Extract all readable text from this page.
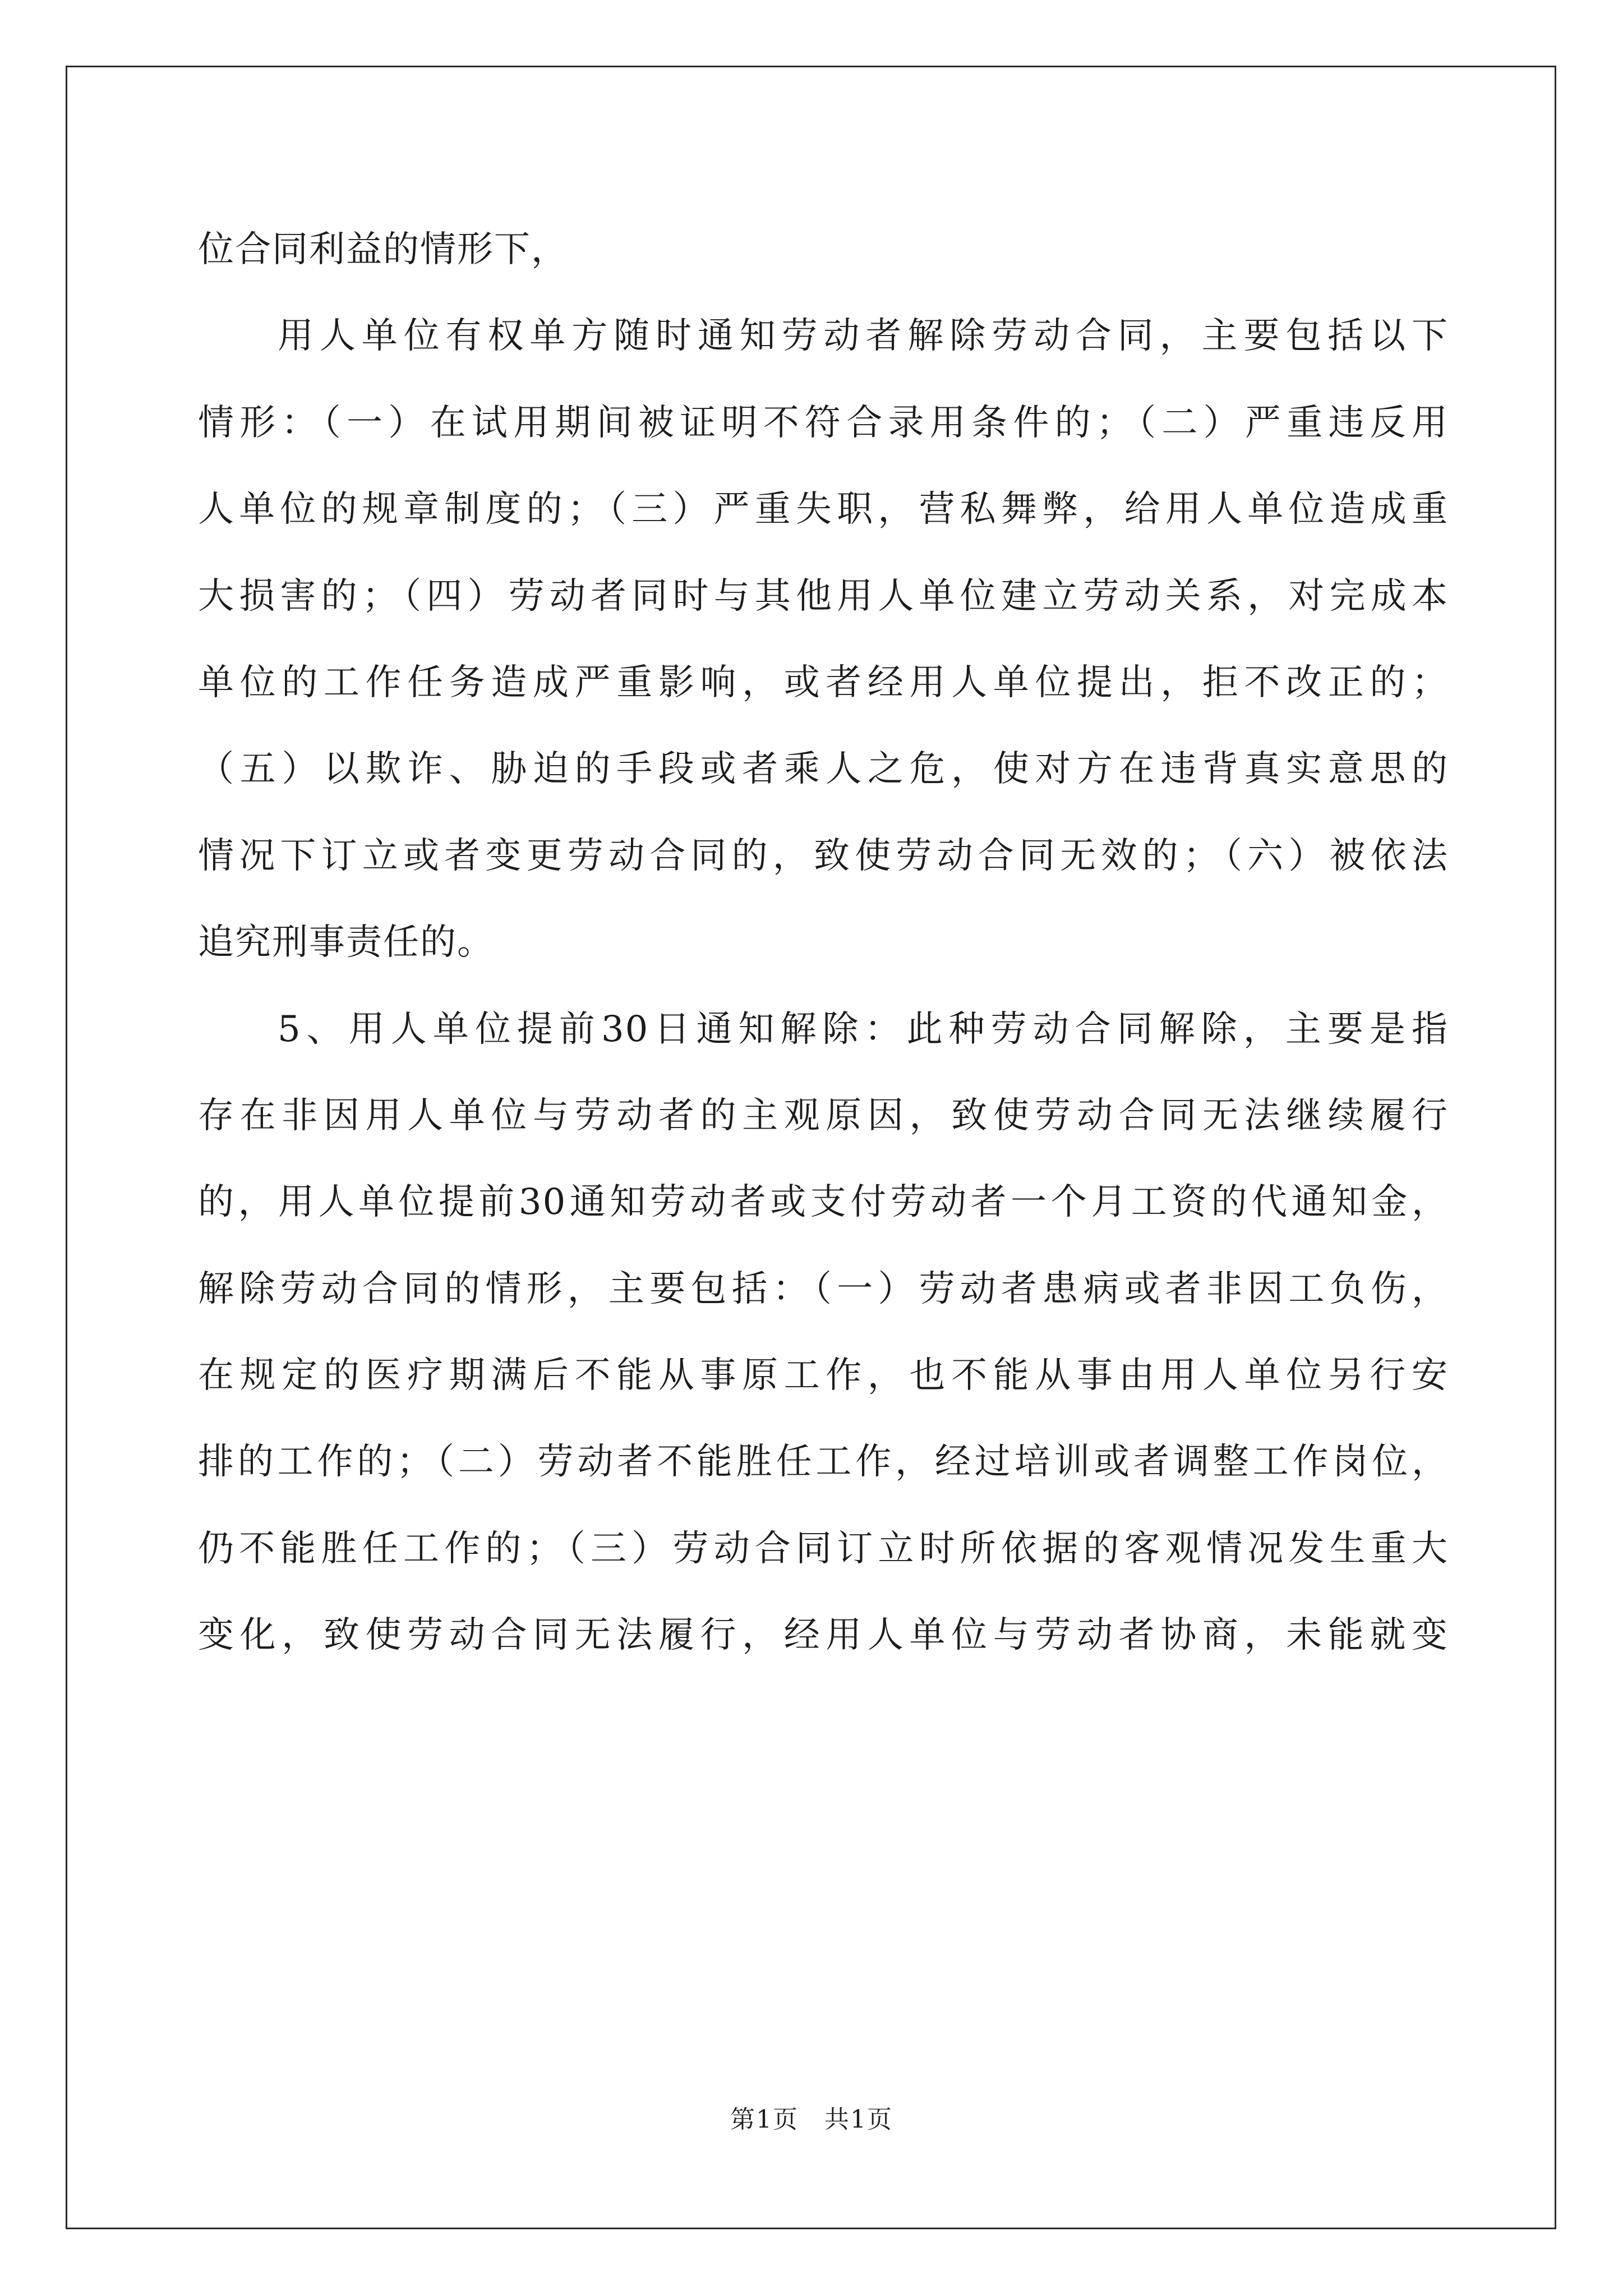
位合同利益的情形下，
用人单位有权单方随时通知劳动者解除劳动合同，主要包括以下
情形：（一）在试用期间被证明不符合录用条件的；（二）严重违反用
人单位的规章制度的；（三）严重失职，营私舞弊，给用人单位造成重
大损害的；（四）劳动者同时与其他用人单位建立劳动关系，对完成本
单位的工作任务造成严重影响，或者经用人单位提出，拒不改正的；
（五）以欺诈、胁迫的手段或者乘人之危，使对方在违背真实意思的
情况下订立或者变更劳动合同的，致使劳动合同无效的；（六）被依法
追究刑事责任的。
5、用人单位提前30日通知解除：此种劳动合同解除，主要是指
存在非因用人单位与劳动者的主观原因，致使劳动合同无法继续履行
的，用人单位提前30通知劳动者或支付劳动者一个月工资的代通知金，
解除劳动合同的情形，主要包括：（一）劳动者患病或者非因工负伤，
在规定的医疗期满后不能从事原工作，也不能从事由用人单位另行安
排的工作的；（二）劳动者不能胜任工作，经过培训或者调整工作岗位，
仍不能胜任工作的；（三）劳动合同订立时所依据的客观情况发生重大
变化，致使劳动合同无法履行，经用人单位与劳动者协商，未能就变
第1页　共1页
